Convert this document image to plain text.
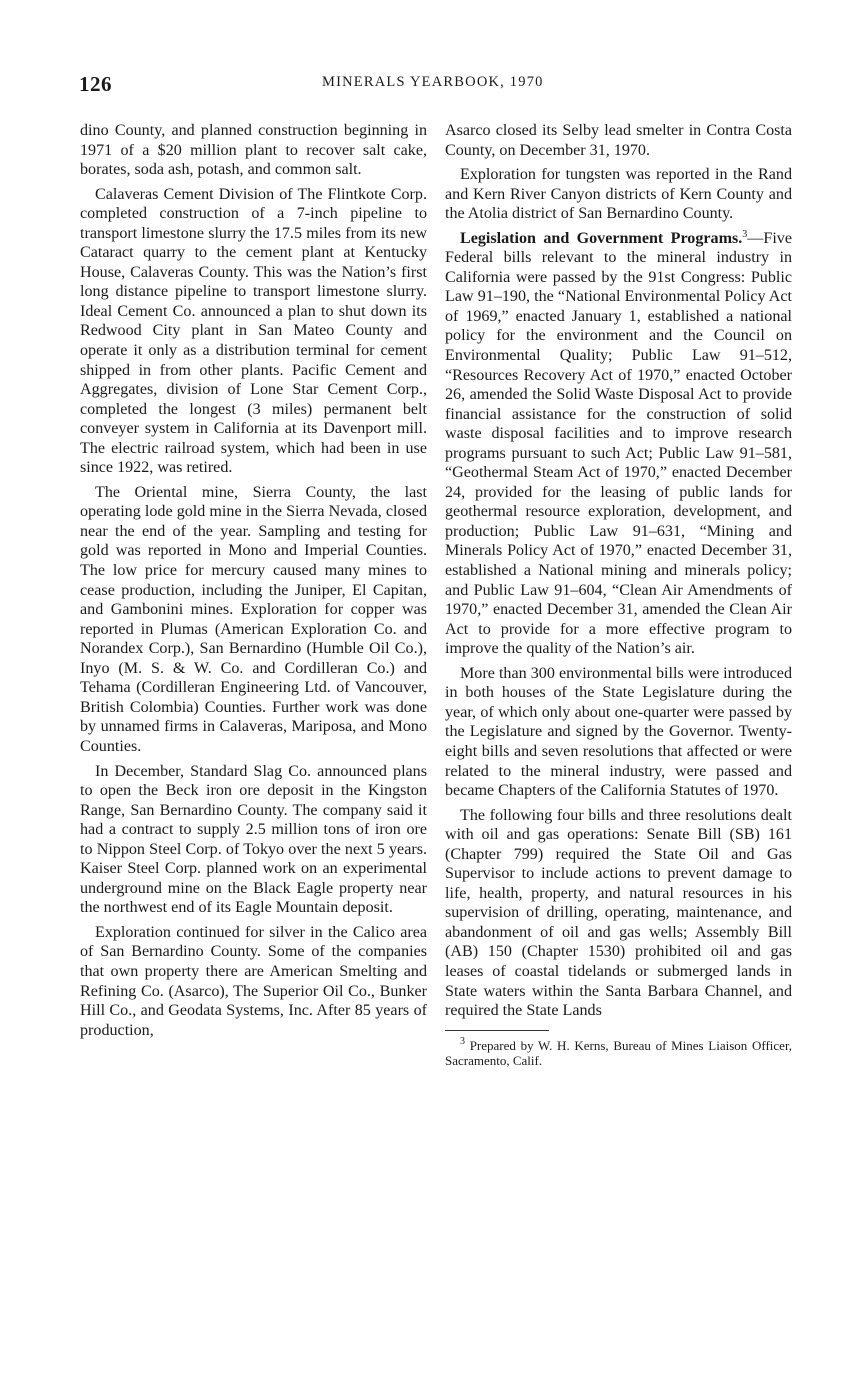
126	MINERALS YEARBOOK, 1970

dino County, and planned construction beginning in 1971 of a $20 million plant to recover salt cake, borates, soda ash, potash, and common salt.

Calaveras Cement Division of The Flintkote Corp. completed construction of a 7-inch pipeline to transport limestone slurry the 17.5 miles from its new Cataract quarry to the cement plant at Kentucky House, Calaveras County. This was the Nation’s first long distance pipeline to transport limestone slurry. Ideal Cement Co. announced a plan to shut down its Redwood City plant in San Mateo County and operate it only as a distribution terminal for cement shipped in from other plants. Pacific Cement and Aggregates, division of Lone Star Cement Corp., completed the longest (3 miles) permanent belt conveyer system in California at its Davenport mill. The electric railroad system, which had been in use since 1922, was retired.

The Oriental mine, Sierra County, the last operating lode gold mine in the Sierra Nevada, closed near the end of the year. Sampling and testing for gold was reported in Mono and Imperial Counties. The low price for mercury caused many mines to cease production, including the Juniper, El Capitan, and Gambonini mines. Exploration for copper was reported in Plumas (American Exploration Co. and Norandex Corp.), San Bernardino (Humble Oil Co.), Inyo (M. S. & W. Co. and Cordilleran Co.) and Tehama (Cordilleran Engineering Ltd. of Vancouver, British Colombia) Counties. Further work was done by unnamed firms in Calaveras, Mariposa, and Mono Counties.

In December, Standard Slag Co. announced plans to open the Beck iron ore deposit in the Kingston Range, San Bernardino County. The company said it had a contract to supply 2.5 million tons of iron ore to Nippon Steel Corp. of Tokyo over the next 5 years. Kaiser Steel Corp. planned work on an experimental underground mine on the Black Eagle property near the northwest end of its Eagle Mountain deposit.

Exploration continued for silver in the Calico area of San Bernardino County. Some of the companies that own property there are American Smelting and Refining Co. (Asarco), The Superior Oil Co., Bunker Hill Co., and Geodata Systems, Inc. After 85 years of production,

Asarco closed its Selby lead smelter in Contra Costa County, on December 31, 1970.

Exploration for tungsten was reported in the Rand and Kern River Canyon districts of Kern County and the Atolia district of San Bernardino County.

Legislation and Government Programs.$^3$—Five Federal bills relevant to the mineral industry in California were passed by the 91st Congress: Public Law 91–190, the “National Environmental Policy Act of 1969,” enacted January 1, established a national policy for the environment and the Council on Environmental Quality; Public Law 91–512, “Resources Recovery Act of 1970,” enacted October 26, amended the Solid Waste Disposal Act to provide financial assistance for the construction of solid waste disposal facilities and to improve research programs pursuant to such Act; Public Law 91–581, “Geothermal Steam Act of 1970,” enacted December 24, provided for the leasing of public lands for geothermal resource exploration, development, and production; Public Law 91–631, “Mining and Minerals Policy Act of 1970,” enacted December 31, established a National mining and minerals policy; and Public Law 91–604, “Clean Air Amendments of 1970,” enacted December 31, amended the Clean Air Act to provide for a more effective program to improve the quality of the Nation’s air.

More than 300 environmental bills were introduced in both houses of the State Legislature during the year, of which only about one-quarter were passed by the Legislature and signed by the Governor. Twenty-eight bills and seven resolutions that affected or were related to the mineral industry, were passed and became Chapters of the California Statutes of 1970.

The following four bills and three resolutions dealt with oil and gas operations: Senate Bill (SB) 161 (Chapter 799) required the State Oil and Gas Supervisor to include actions to prevent damage to life, health, property, and natural resources in his supervision of drilling, operating, maintenance, and abandonment of oil and gas wells; Assembly Bill (AB) 150 (Chapter 1530) prohibited oil and gas leases of coastal tidelands or submerged lands in State waters within the Santa Barbara Channel, and required the State Lands

$^3$ Prepared by W. H. Kerns, Bureau of Mines Liaison Officer, Sacramento, Calif.
